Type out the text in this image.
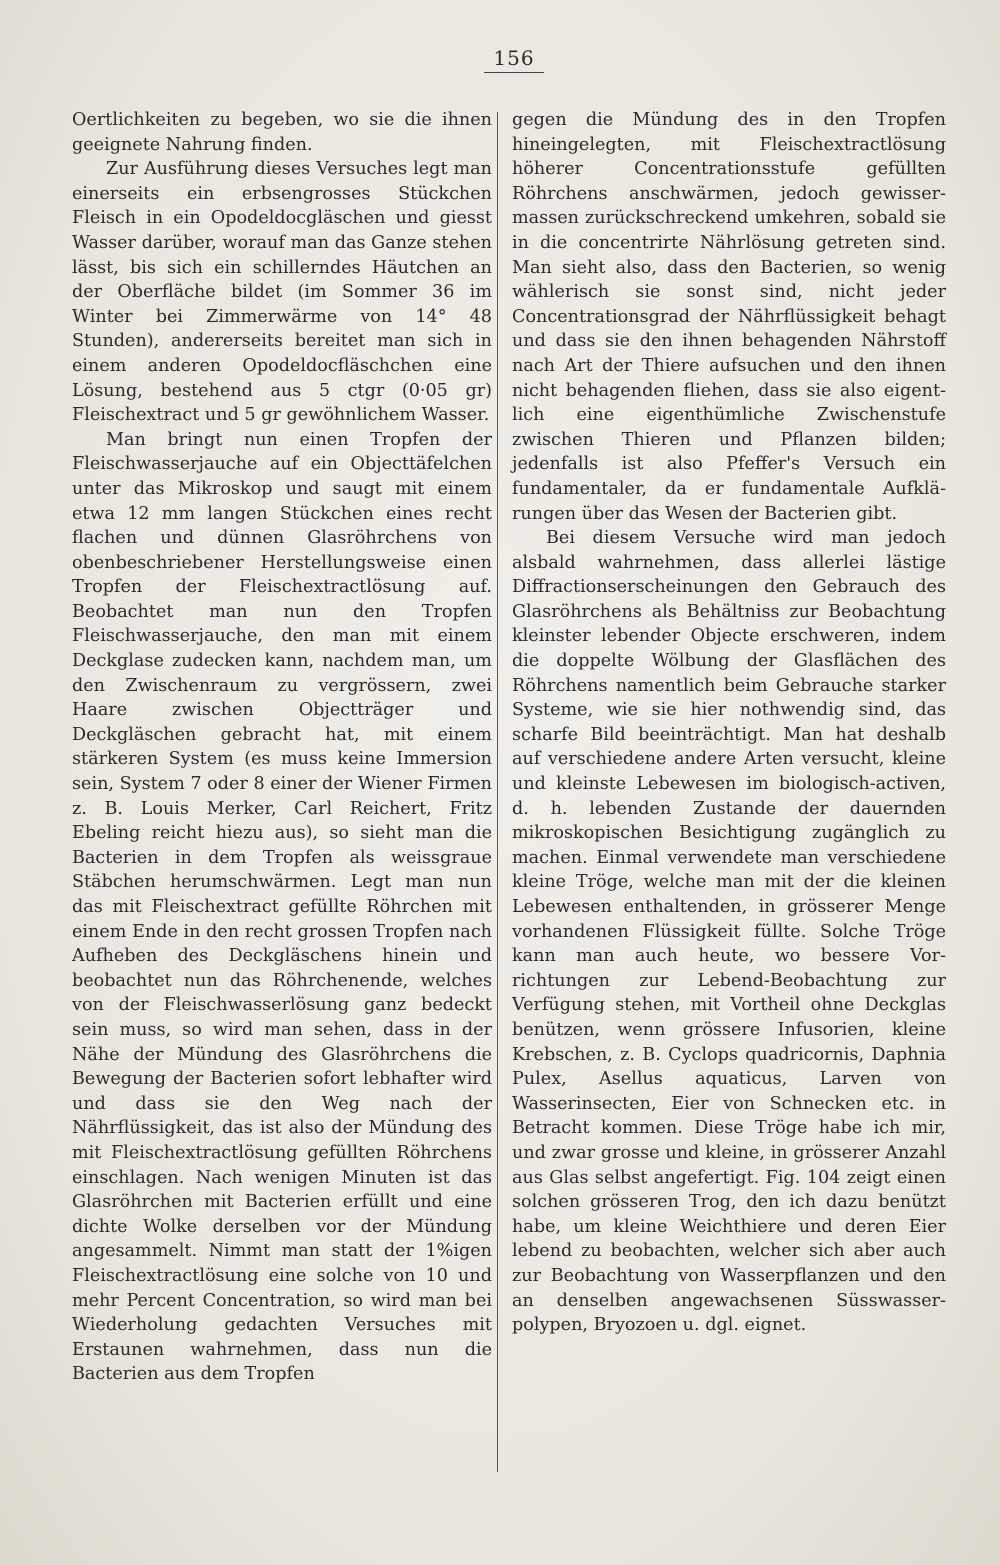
156

Oertlichkeiten zu begeben, wo sie die ihnen geeignete Nahrung finden.

Zur Ausführung dieses Versuches legt man einerseits ein erbsengrosses Stückchen Fleisch in ein Opodeldocgläschen und giesst Wasser darüber, worauf man das Ganze stehen lässt, bis sich ein schillerndes Häutchen an der Oberfläche bildet (im Sommer 36 im Winter bei Zimmerwärme von 14° 48 Stunden), andererseits bereitet man sich in einem anderen Opodeldocfläschchen eine Lösung, bestehend aus 5 ctgr (0·05 gr) Fleischextract und 5 gr gewöhnlichem Wasser.

Man bringt nun einen Tropfen der Fleischwasserjauche auf ein Objecttäfelchen unter das Mikroskop und saugt mit einem etwa 12 mm langen Stückchen eines recht flachen und dünnen Glasröhrchens von obenbeschriebener Herstellungsweise einen Tropfen der Fleischextractlösung auf. Beobachtet man nun den Tropfen Fleischwasserjauche, den man mit einem Deckglase zudecken kann, nachdem man, um den Zwischenraum zu vergrössern, zwei Haare zwischen Objectträger und Deckgläschen gebracht hat, mit einem stärkeren System (es muss keine Immersion sein, System 7 oder 8 einer der Wiener Firmen z. B. Louis Merker, Carl Reichert, Fritz Ebeling reicht hiezu aus), so sieht man die Bacterien in dem Tropfen als weissgraue Stäbchen herumschwärmen. Legt man nun das mit Fleischextract gefüllte Röhrchen mit einem Ende in den recht grossen Tropfen nach Aufheben des Deckgläschens hinein und beobachtet nun das Röhrchenende, welches von der Fleischwasserlösung ganz bedeckt sein muss, so wird man sehen, dass in der Nähe der Mündung des Glasröhrchens die Bewegung der Bacterien sofort lebhafter wird und dass sie den Weg nach der Nährflüssigkeit, das ist also der Mündung des mit Fleischextractlösung gefüllten Röhrchens einschlagen. Nach wenigen Minuten ist das Glasröhrchen mit Bacterien erfüllt und eine dichte Wolke derselben vor der Mündung angesammelt. Nimmt man statt der 1%igen Fleischextractlösung eine solche von 10 und mehr Percent Concentration, so wird man bei Wiederholung gedachten Versuches mit Erstaunen wahrnehmen, dass nun die Bacterien aus dem Tropfen

gegen die Mündung des in den Tropfen hineingelegten, mit Fleischextractlösung höherer Concentrationsstufe gefüllten Röhrchens anschwärmen, jedoch gewissermassen zurückschreckend umkehren, sobald sie in die concentrirte Nährlösung getreten sind. Man sieht also, dass den Bacterien, so wenig wählerisch sie sonst sind, nicht jeder Concentrationsgrad der Nährflüssigkeit behagt und dass sie den ihnen behagenden Nährstoff nach Art der Thiere aufsuchen und den ihnen nicht behagenden fliehen, dass sie also eigentlich eine eigenthümliche Zwischenstufe zwischen Thieren und Pflanzen bilden; jedenfalls ist also Pfeffer's Versuch ein fundamentaler, da er fundamentale Aufklärungen über das Wesen der Bacterien gibt.

Bei diesem Versuche wird man jedoch alsbald wahrnehmen, dass allerlei lästige Diffractionserscheinungen den Gebrauch des Glasröhrchens als Behältniss zur Beobachtung kleinster lebender Objecte erschweren, indem die doppelte Wölbung der Glasflächen des Röhrchens namentlich beim Gebrauche starker Systeme, wie sie hier nothwendig sind, das scharfe Bild beeinträchtigt. Man hat deshalb auf verschiedene andere Arten versucht, kleine und kleinste Lebewesen im biologisch-activen, d. h. lebenden Zustande der dauernden mikroskopischen Besichtigung zugänglich zu machen. Einmal verwendete man verschiedene kleine Tröge, welche man mit der die kleinen Lebewesen enthaltenden, in grösserer Menge vorhandenen Flüssigkeit füllte. Solche Tröge kann man auch heute, wo bessere Vorrichtungen zur Lebend-Beobachtung zur Verfügung stehen, mit Vortheil ohne Deckglas benützen, wenn grössere Infusorien, kleine Krebschen, z. B. Cyclops quadricornis, Daphnia Pulex, Asellus aquaticus, Larven von Wasserinsecten, Eier von Schnecken etc. in Betracht kommen. Diese Tröge habe ich mir, und zwar grosse und kleine, in grösserer Anzahl aus Glas selbst angefertigt. Fig. 104 zeigt einen solchen grösseren Trog, den ich dazu benützt habe, um kleine Weichthiere und deren Eier lebend zu beobachten, welcher sich aber auch zur Beobachtung von Wasserpflanzen und den an denselben angewachsenen Süsswasserpolypen, Bryozoen u. dgl. eignet.
